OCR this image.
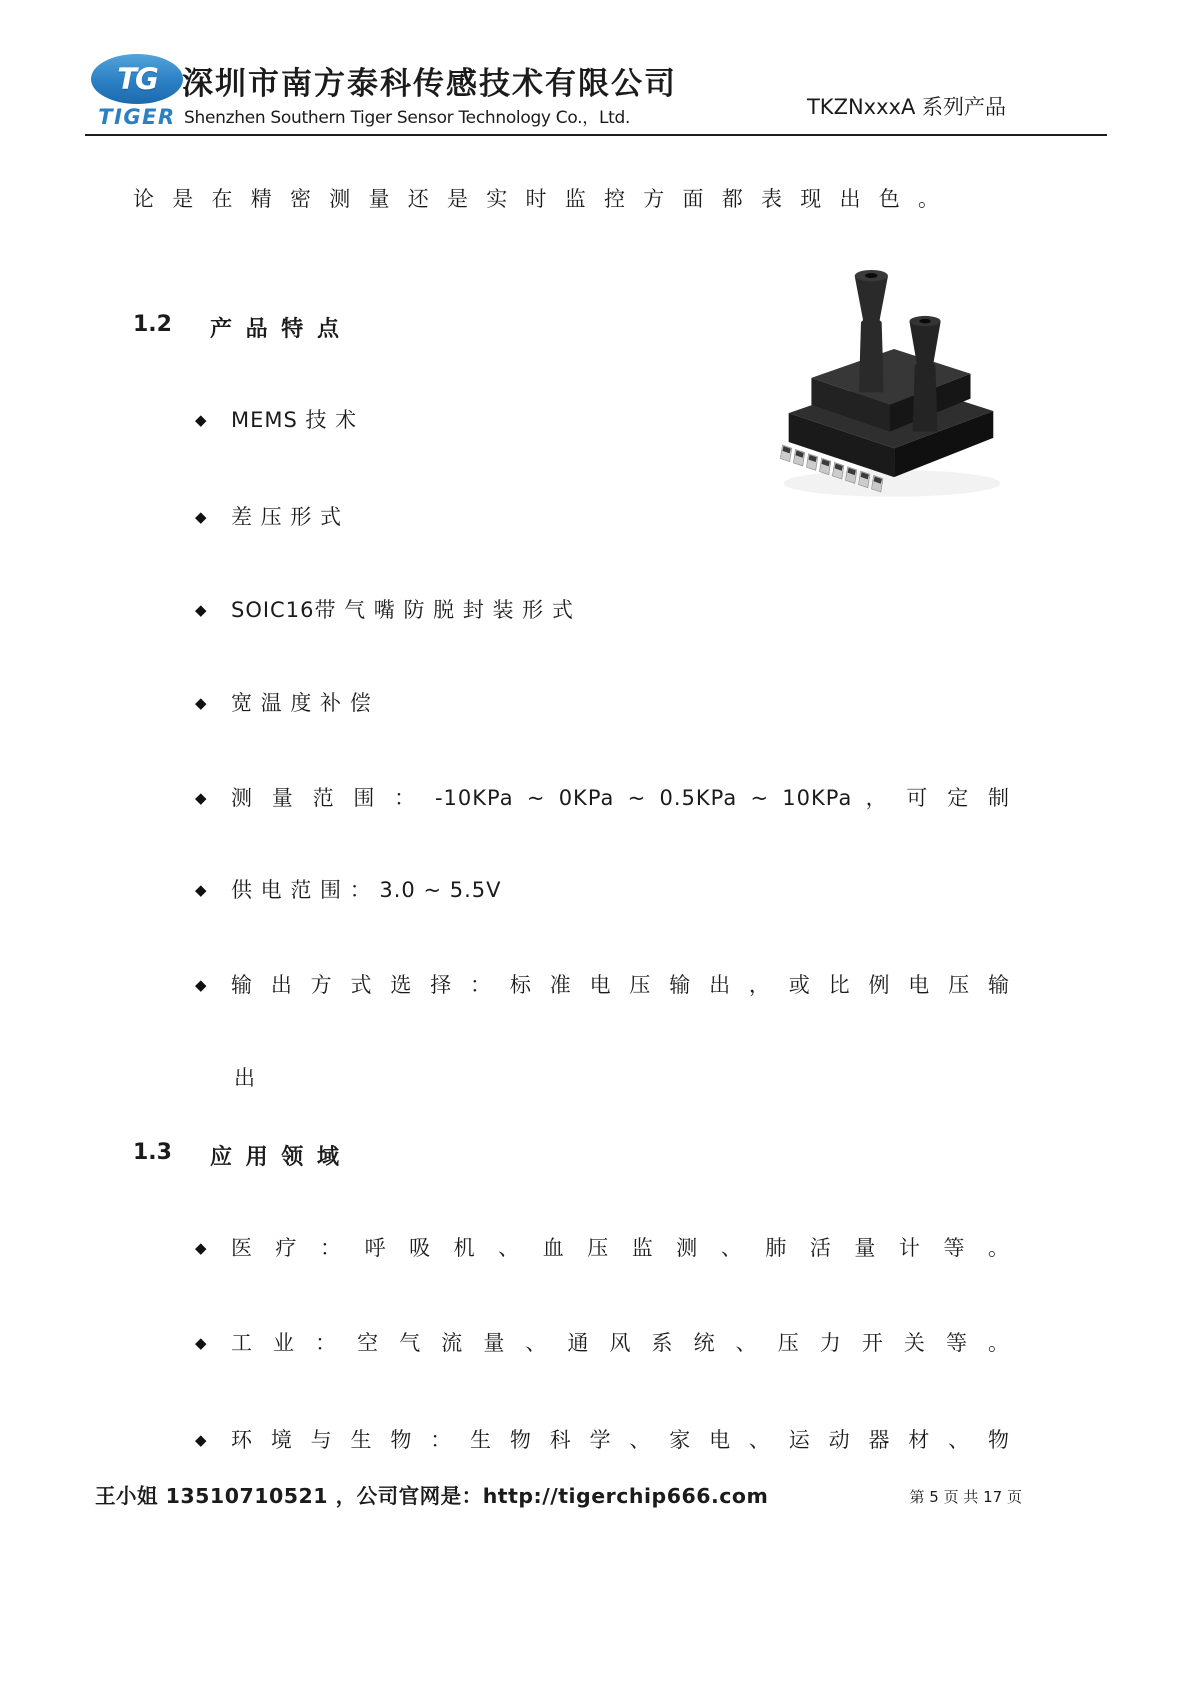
TG
TIGER
深圳市南方泰科传感技术有限公司
Shenzhen Southern Tiger Sensor Technology Co.，Ltd.	TKZNxxxA 系列产品
论 是 在 精 密 测 量 还 是 实 时 监 控 方 面 都 表 现 出 色 。
1.2 产 品 特 点
◆	MEMS 技 术
◆	差 压 形 式
◆	SOIC16带 气 嘴 防 脱 封 装 形 式
◆	宽 温 度 补 偿
◆	测 量 范 围 ： -10KPa ~ 0KPa ~ 0.5KPa ~ 10KPa ， 可 定 制
◆	供 电 范 围 ： 3.0 ~ 5.5V
◆	输 出 方 式 选 择 ： 标 准 电 压 输 出 ， 或 比 例 电 压 输
出
1.3 应 用 领 域
◆	医 疗 ： 呼 吸 机 、 血 压 监 测 、 肺 活 量 计 等 。
◆	工 业 ： 空 气 流 量 、 通 风 系 统 、 压 力 开 关 等 。
◆	环 境 与 生 物 ： 生 物 科 学 、 家 电 、 运 动 器 材 、 物
王小姐 13510710521 ，公司官网是：http://tigerchip666.com	第 5 页 共 17 页
